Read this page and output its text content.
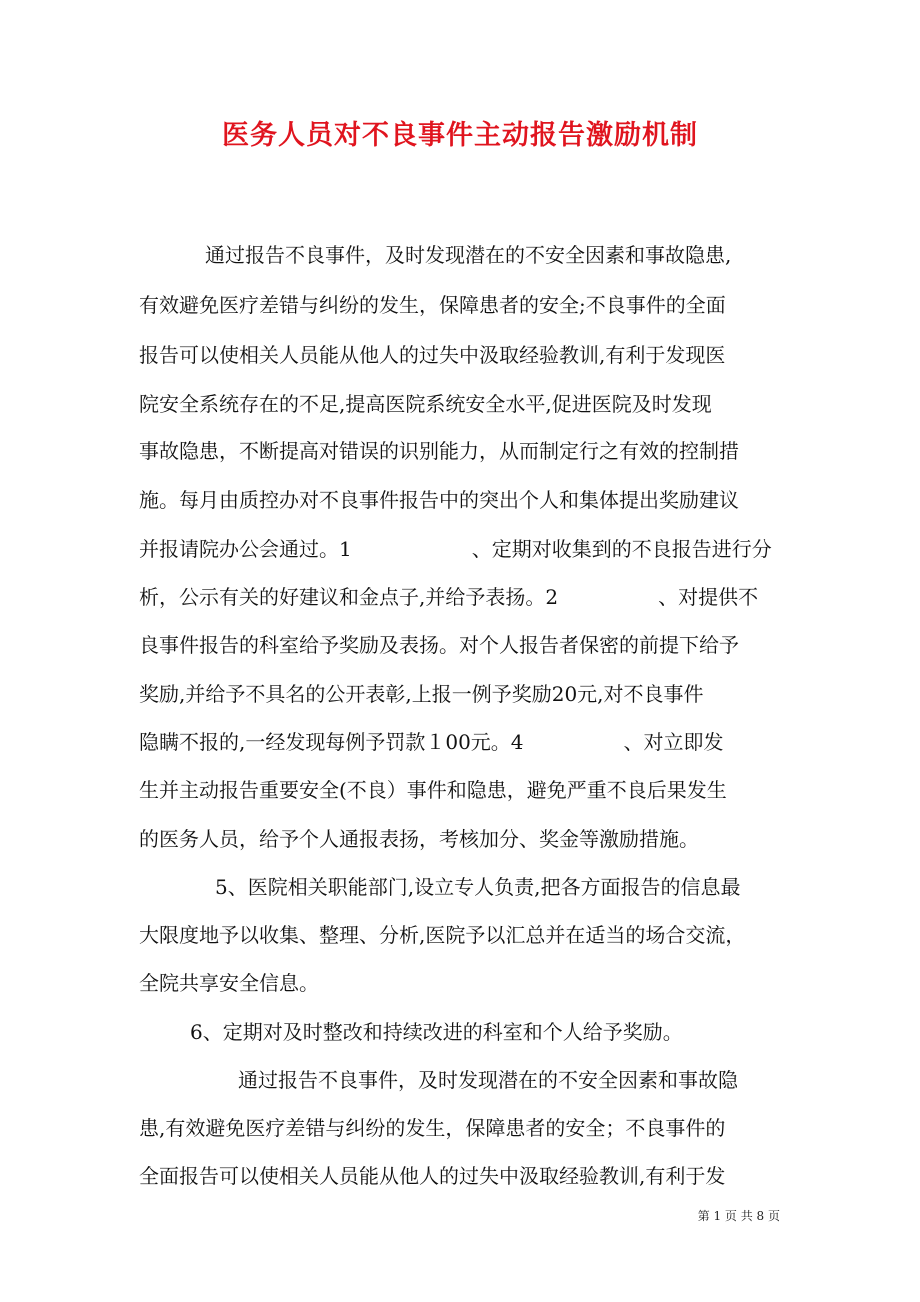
医务人员对不良事件主动报告激励机制
通过报告不良事件，及时发现潜在的不安全因素和事故隐患,
有效避免医疗差错与纠纷的发生，保障患者的安全;不良事件的全面
报告可以使相关人员能从他人的过失中汲取经验教训,有利于发现医
院安全系统存在的不足,提高医院系统安全水平,促进医院及时发现
事故隐患，不断提高对错误的识别能力，从而制定行之有效的控制措
施。每月由质控办对不良事件报告中的突出个人和集体提出奖励建议
并报请院办公会通过。1　　　　　　、定期对收集到的不良报告进行分
析，公示有关的好建议和金点子,并给予表扬。2　　　　　、对提供不
良事件报告的科室给予奖励及表扬。对个人报告者保密的前提下给予
奖励,并给予不具名的公开表彰,上报一例予奖励20元,对不良事件
隐瞒不报的,一经发现每例予罚款１00元。4　　　　　、对立即发
生并主动报告重要安全(不良）事件和隐患，避免严重不良后果发生
的医务人员，给予个人通报表扬，考核加分、奖金等激励措施。
5、医院相关职能部门,设立专人负责,把各方面报告的信息最
大限度地予以收集、整理、分析,医院予以汇总并在适当的场合交流，
全院共享安全信息。
6、定期对及时整改和持续改进的科室和个人给予奖励。
通过报告不良事件，及时发现潜在的不安全因素和事故隐
患,有效避免医疗差错与纠纷的发生，保障患者的安全；不良事件的
全面报告可以使相关人员能从他人的过失中汲取经验教训,有利于发
第 1 页 共 8 页
